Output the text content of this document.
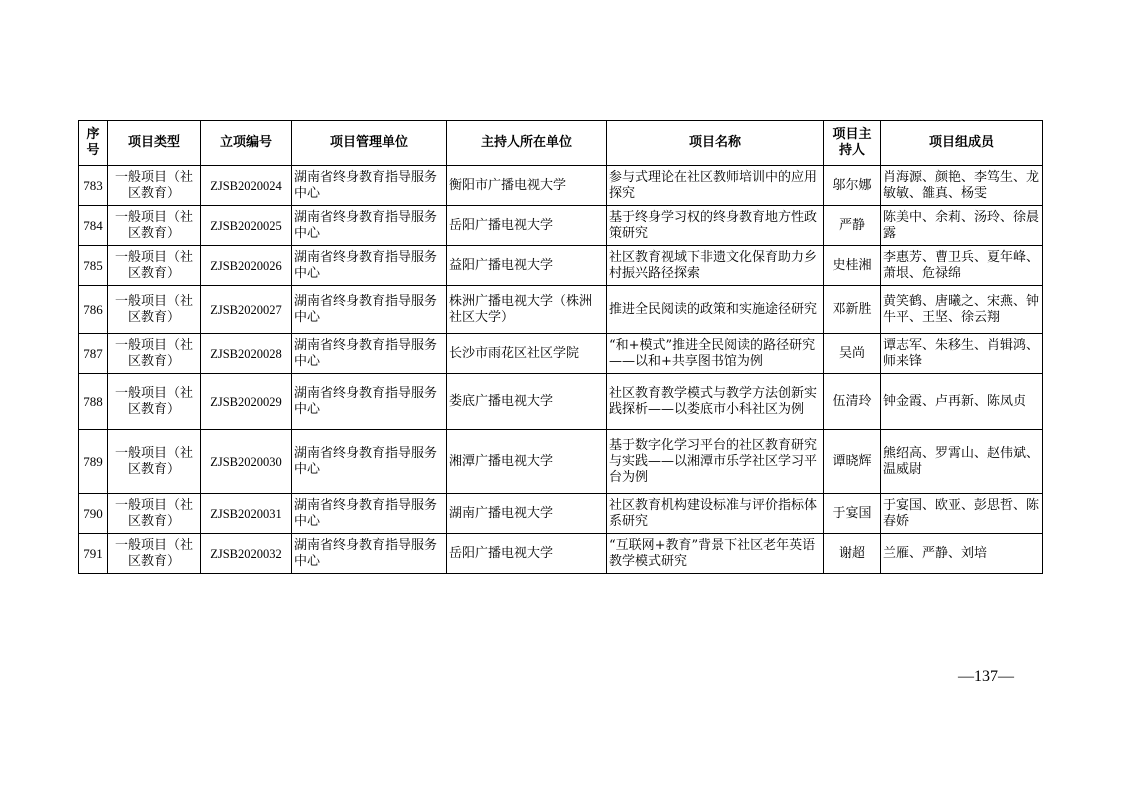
序号	项目类型	立项编号	项目管理单位	主持人所在单位	项目名称	项目主持人	项目组成员
783	一般项目（社区教育）	ZJSB2020024	湖南省终身教育指导服务中心	衡阳市广播电视大学	参与式理论在社区教师培训中的应用探究	邬尔娜	肖海源、颜艳、李笃生、龙敏敏、雒真、杨雯
784	一般项目（社区教育）	ZJSB2020025	湖南省终身教育指导服务中心	岳阳广播电视大学	基于终身学习权的终身教育地方性政策研究	严静	陈美中、余莉、汤玲、徐晨露
785	一般项目（社区教育）	ZJSB2020026	湖南省终身教育指导服务中心	益阳广播电视大学	社区教育视域下非遗文化保育助力乡村振兴路径探索	史桂湘	李惠芳、曹卫兵、夏年峰、萧垠、危禄绵
786	一般项目（社区教育）	ZJSB2020027	湖南省终身教育指导服务中心	株洲广播电视大学（株洲社区大学）	推进全民阅读的政策和实施途径研究	邓新胜	黄笑鹤、唐曦之、宋燕、钟牛平、王坚、徐云翔
787	一般项目（社区教育）	ZJSB2020028	湖南省终身教育指导服务中心	长沙市雨花区社区学院	“和+模式”推进全民阅读的路径研究——以和+共享图书馆为例	吴尚	谭志军、朱移生、肖辑鸿、师来锋
788	一般项目（社区教育）	ZJSB2020029	湖南省终身教育指导服务中心	娄底广播电视大学	社区教育教学模式与教学方法创新实践探析——以娄底市小科社区为例	伍清玲	钟金霞、卢再新、陈凤贞
789	一般项目（社区教育）	ZJSB2020030	湖南省终身教育指导服务中心	湘潭广播电视大学	基于数字化学习平台的社区教育研究与实践——以湘潭市乐学社区学习平台为例	谭晓辉	熊绍高、罗霄山、赵伟斌、温威尉
790	一般项目（社区教育）	ZJSB2020031	湖南省终身教育指导服务中心	湖南广播电视大学	社区教育机构建设标准与评价指标体系研究	于宴国	于宴国、欧亚、彭思哲、陈春娇
791	一般项目（社区教育）	ZJSB2020032	湖南省终身教育指导服务中心	岳阳广播电视大学	“互联网+教育”背景下社区老年英语教学模式研究	谢超	兰雁、严静、刘培
—137—
